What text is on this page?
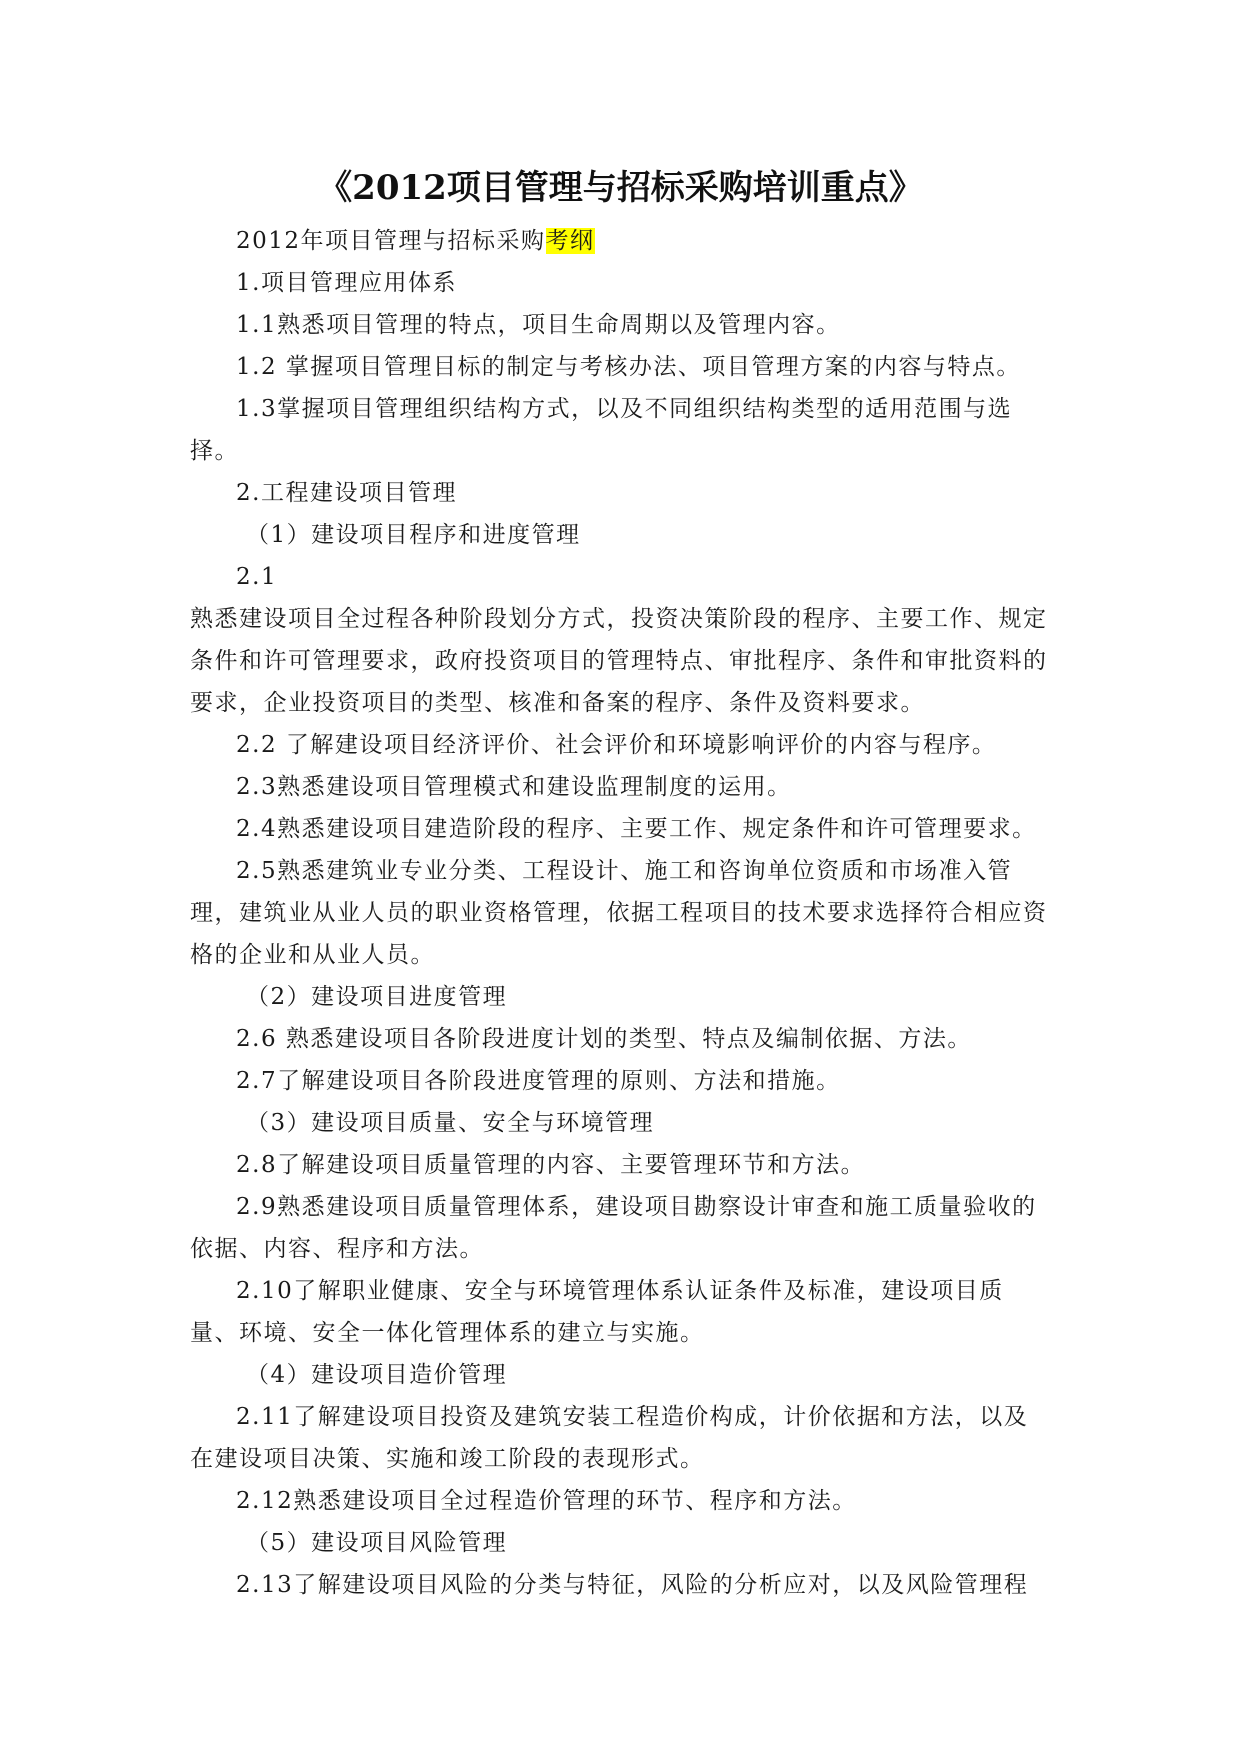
《2012项目管理与招标采购培训重点》

2012年项目管理与招标采购考纲

1.项目管理应用体系

1.1熟悉项目管理的特点，项目生命周期以及管理内容。

1.2 掌握项目管理目标的制定与考核办法、项目管理方案的内容与特点。

1.3掌握项目管理组织结构方式，以及不同组织结构类型的适用范围与选择。

2.工程建设项目管理

（1）建设项目程序和进度管理

2.1

熟悉建设项目全过程各种阶段划分方式，投资决策阶段的程序、主要工作、规定条件和许可管理要求，政府投资项目的管理特点、审批程序、条件和审批资料的要求，企业投资项目的类型、核准和备案的程序、条件及资料要求。

2.2 了解建设项目经济评价、社会评价和环境影响评价的内容与程序。

2.3熟悉建设项目管理模式和建设监理制度的运用。

2.4熟悉建设项目建造阶段的程序、主要工作、规定条件和许可管理要求。

2.5熟悉建筑业专业分类、工程设计、施工和咨询单位资质和市场准入管理，建筑业从业人员的职业资格管理，依据工程项目的技术要求选择符合相应资格的企业和从业人员。

（2）建设项目进度管理

2.6 熟悉建设项目各阶段进度计划的类型、特点及编制依据、方法。

2.7了解建设项目各阶段进度管理的原则、方法和措施。

（3）建设项目质量、安全与环境管理

2.8了解建设项目质量管理的内容、主要管理环节和方法。

2.9熟悉建设项目质量管理体系，建设项目勘察设计审查和施工质量验收的依据、内容、程序和方法。

2.10了解职业健康、安全与环境管理体系认证条件及标准，建设项目质量、环境、安全一体化管理体系的建立与实施。

（4）建设项目造价管理

2.11了解建设项目投资及建筑安装工程造价构成，计价依据和方法，以及在建设项目决策、实施和竣工阶段的表现形式。

2.12熟悉建设项目全过程造价管理的环节、程序和方法。

（5）建设项目风险管理

2.13了解建设项目风险的分类与特征，风险的分析应对，以及风险管理程
